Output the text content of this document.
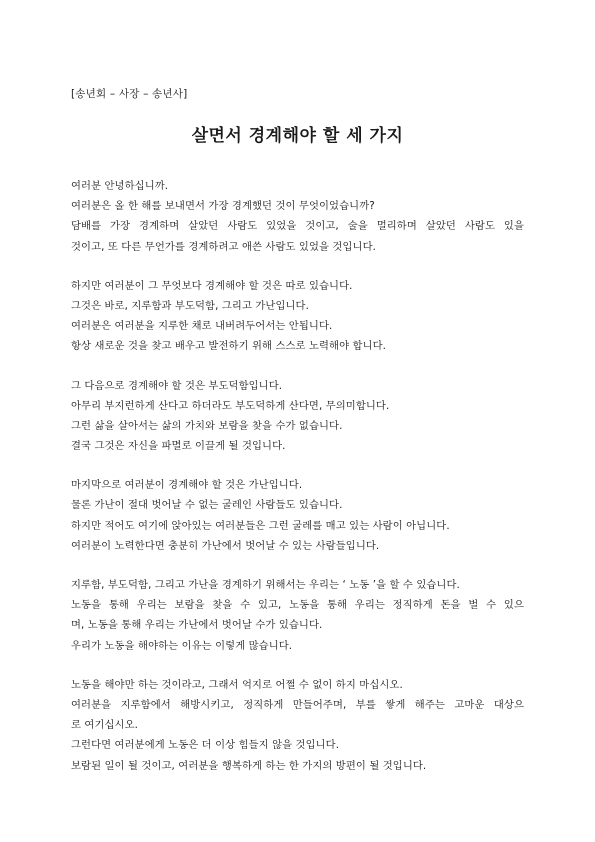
[송년회 – 사장 – 송년사]
살면서 경계해야 할 세 가지
여러분 안녕하십니까.
여러분은 올 한 해를 보내면서 가장 경계했던 것이 무엇이었습니까?
담배를 가장 경계하며 살았던 사람도 있었을 것이고, 술을 멀리하며 살았던 사람도 있을
것이고, 또 다른 무언가를 경계하려고 애쓴 사람도 있었을 것입니다.
하지만 여러분이 그 무엇보다 경계해야 할 것은 따로 있습니다.
그것은 바로, 지루함과 부도덕함, 그리고 가난입니다.
여러분은 여러분을 지루한 채로 내버려두어서는 안됩니다.
항상 새로운 것을 찾고 배우고 발전하기 위해 스스로 노력해야 합니다.
그 다음으로 경계해야 할 것은 부도덕함입니다.
아무리 부지런하게 산다고 하더라도 부도덕하게 산다면, 무의미합니다.
그런 삶을 살아서는 삶의 가치와 보람을 찾을 수가 없습니다.
결국 그것은 자신을 파멸로 이끌게 될 것입니다.
마지막으로 여러분이 경계해야 할 것은 가난입니다.
물론 가난이 절대 벗어날 수 없는 굴레인 사람들도 있습니다.
하지만 적어도 여기에 앉아있는 여러분들은 그런 굴레를 매고 있는 사람이 아닙니다.
여러분이 노력한다면 충분히 가난에서 벗어날 수 있는 사람들입니다.
지루함, 부도덕함, 그리고 가난을 경계하기 위해서는 우리는 ‘ 노동 ’을 할 수 있습니다.
노동을 통해 우리는 보람을 찾을 수 있고, 노동을 통해 우리는 정직하게 돈을 벌 수 있으
며, 노동을 통해 우리는 가난에서 벗어날 수가 있습니다.
우리가 노동을 해야하는 이유는 이렇게 많습니다.
노동을 해야만 하는 것이라고, 그래서 억지로 어쩔 수 없이 하지 마십시오.
여러분을 지루함에서 해방시키고, 정직하게 만들어주며, 부를 쌓게 해주는 고마운 대상으
로 여기십시오.
그런다면 여러분에게 노동은 더 이상 힘들지 않을 것입니다.
보람된 일이 될 것이고, 여러분을 행복하게 하는 한 가지의 방편이 될 것입니다.
